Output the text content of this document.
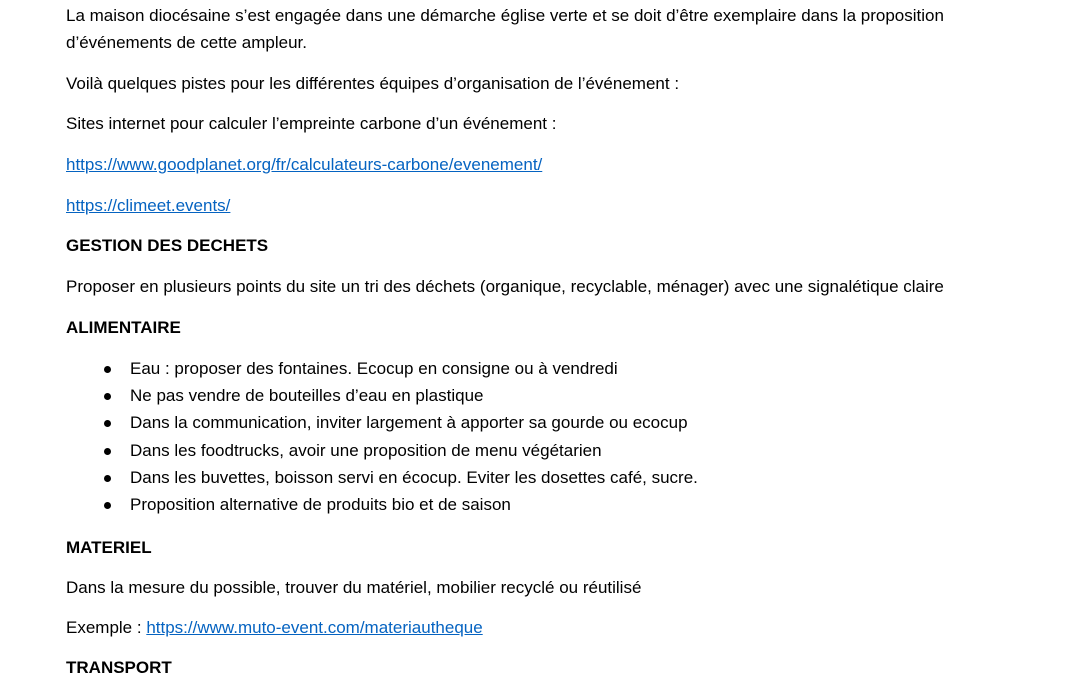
La maison diocésaine s’est engagée dans une démarche église verte et se doit d’être exemplaire dans la proposition
d’événements de cette ampleur.
Voilà quelques pistes pour les différentes équipes d’organisation de l’événement :
Sites internet pour calculer l’empreinte carbone d’un événement :
https://www.goodplanet.org/fr/calculateurs-carbone/evenement/
https://climeet.events/
GESTION DES DECHETS
Proposer en plusieurs points du site un tri des déchets (organique, recyclable, ménager) avec une signalétique claire
ALIMENTAIRE
Eau : proposer des fontaines. Ecocup en consigne ou à vendredi
Ne pas vendre de bouteilles d’eau en plastique
Dans la communication, inviter largement à apporter sa gourde ou ecocup
Dans les foodtrucks, avoir une proposition de menu végétarien
Dans les buvettes, boisson servi en écocup. Eviter les dosettes café, sucre.
Proposition alternative de produits bio et de saison
MATERIEL
Dans la mesure du possible, trouver du matériel, mobilier recyclé ou réutilisé
Exemple : https://www.muto-event.com/materiautheque
TRANSPORT
